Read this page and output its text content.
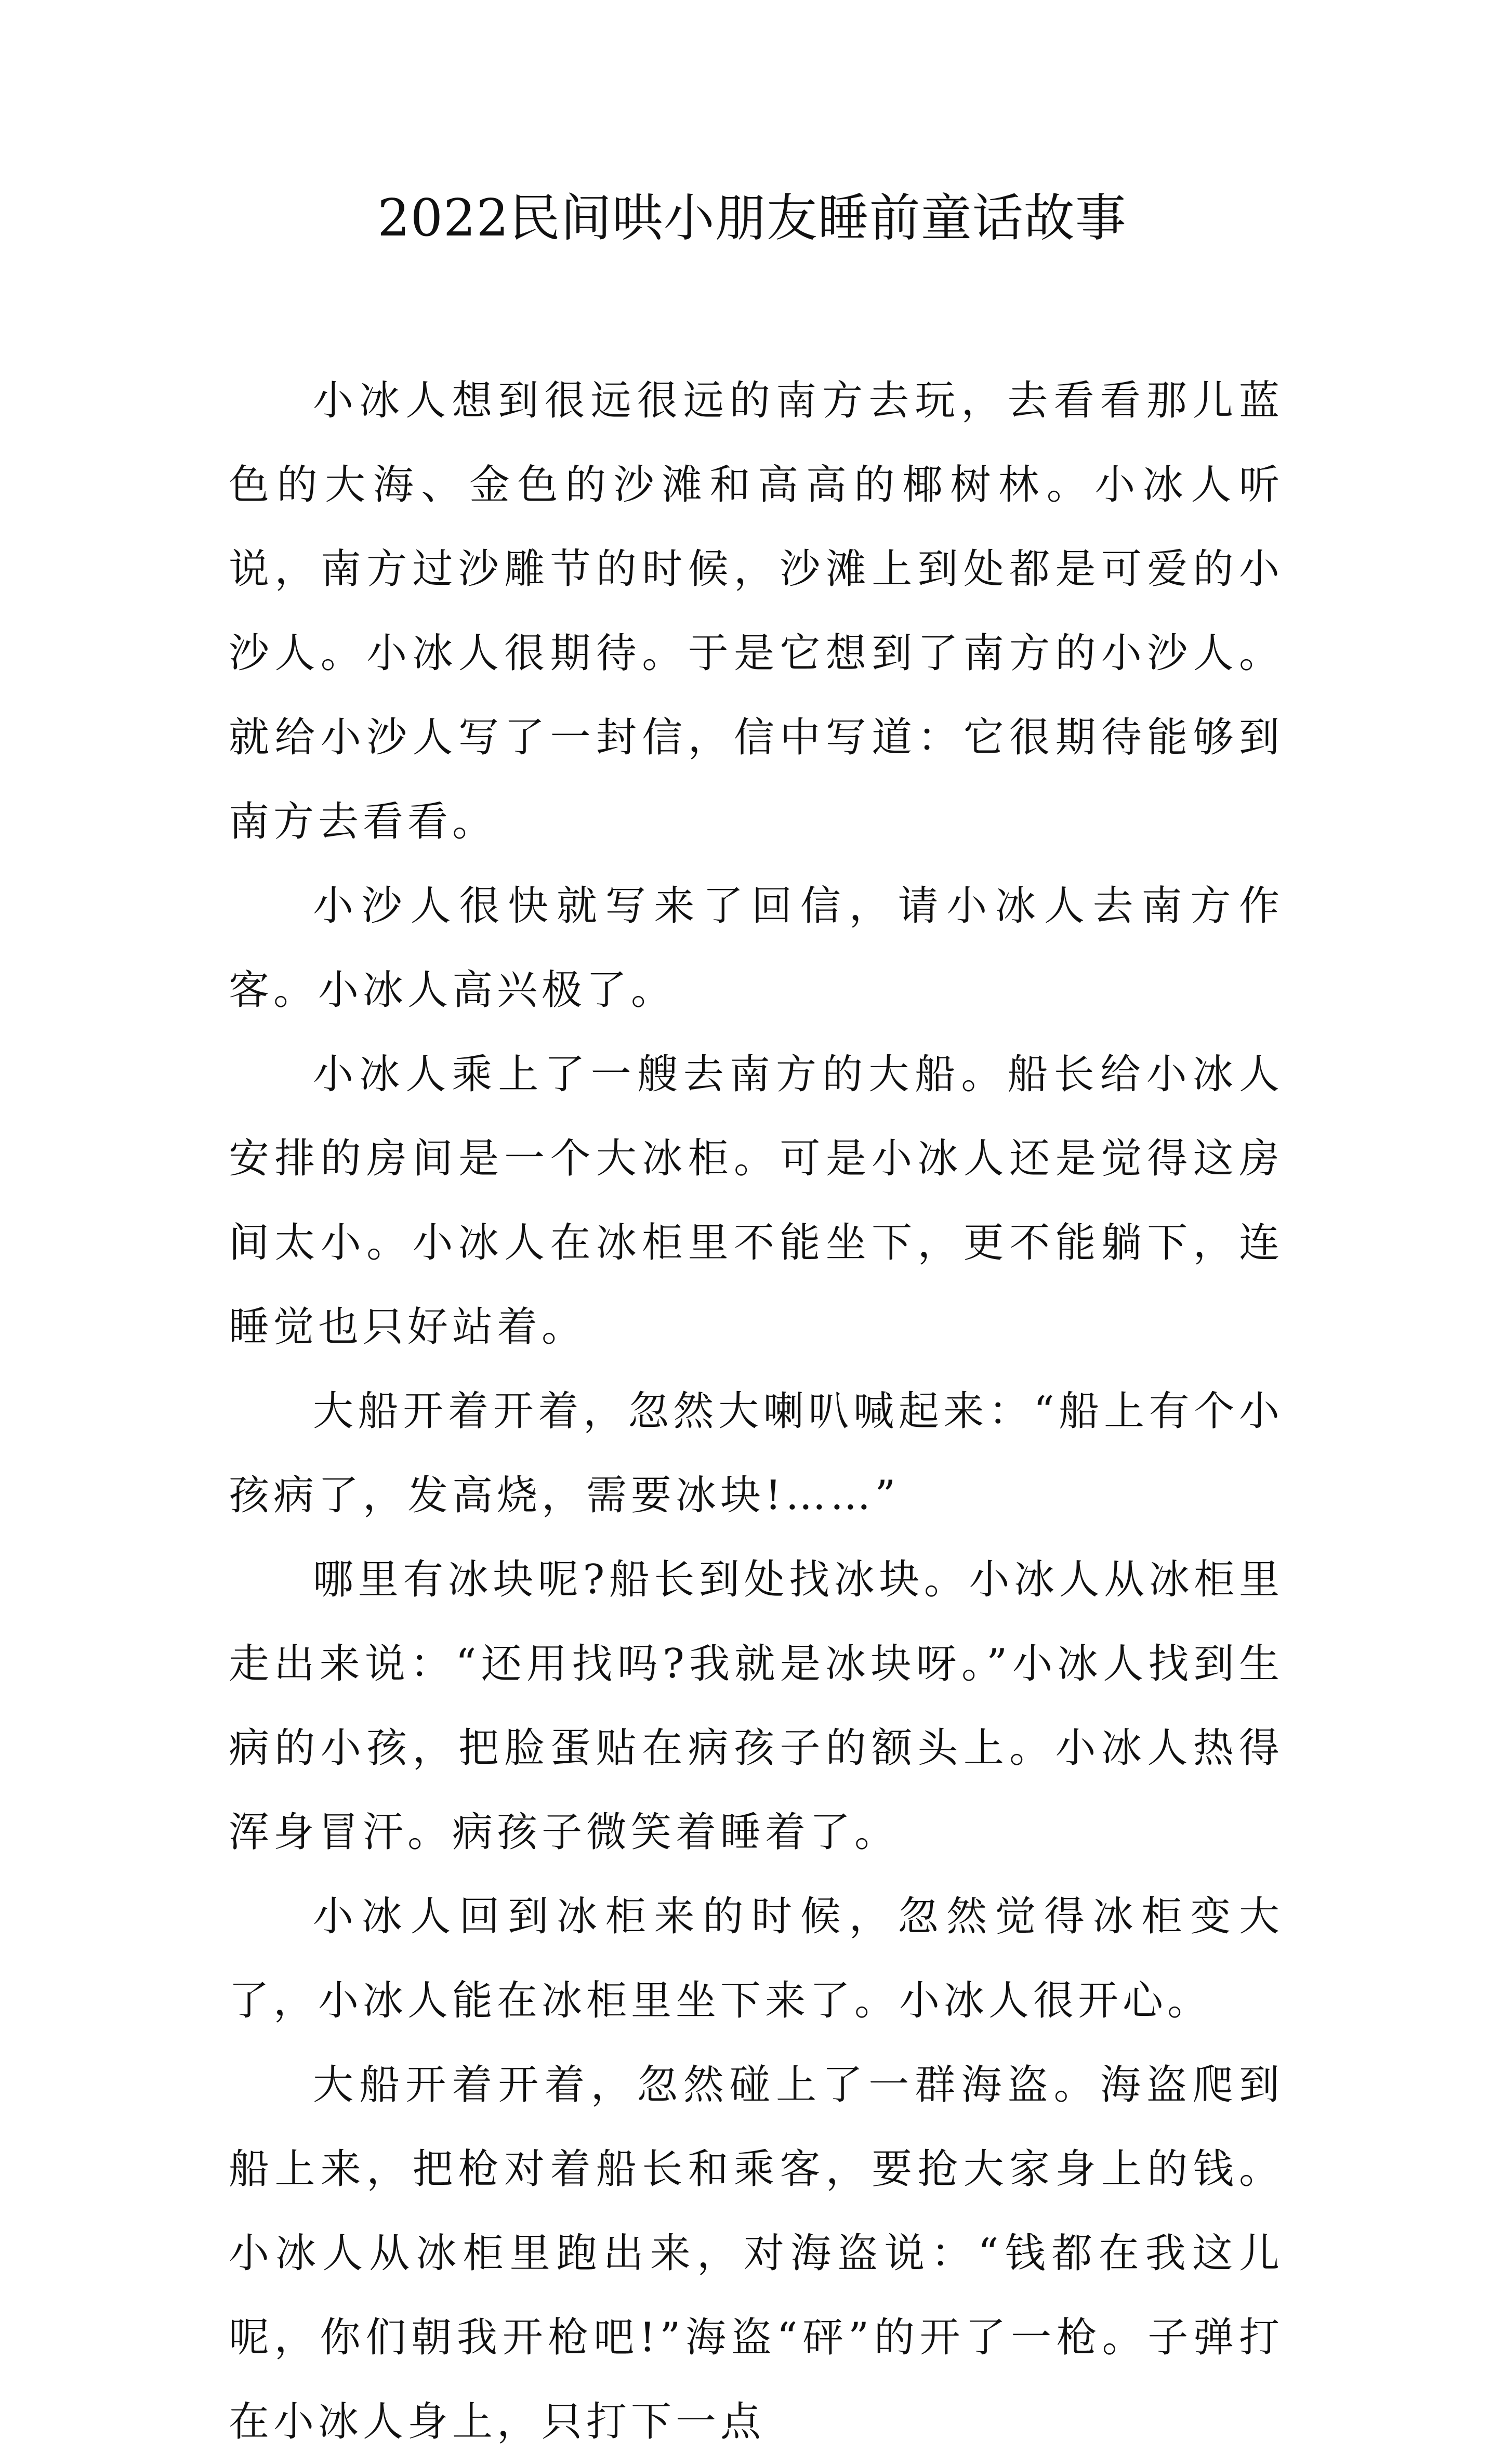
2022民间哄小朋友睡前童话故事

小冰人想到很远很远的南方去玩，去看看那儿蓝色的大海、金色的沙滩和高高的椰树林。小冰人听说，南方过沙雕节的时候，沙滩上到处都是可爱的小沙人。小冰人很期待。于是它想到了南方的小沙人。就给小沙人写了一封信，信中写道：它很期待能够到南方去看看。

小沙人很快就写来了回信，请小冰人去南方作客。小冰人高兴极了。

小冰人乘上了一艘去南方的大船。船长给小冰人安排的房间是一个大冰柜。可是小冰人还是觉得这房间太小。小冰人在冰柜里不能坐下，更不能躺下，连睡觉也只好站着。

大船开着开着，忽然大喇叭喊起来：“船上有个小孩病了，发高烧，需要冰块!……”

哪里有冰块呢?船长到处找冰块。小冰人从冰柜里走出来说：“还用找吗?我就是冰块呀。”小冰人找到生病的小孩，把脸蛋贴在病孩子的额头上。小冰人热得浑身冒汗。病孩子微笑着睡着了。

小冰人回到冰柜来的时候，忽然觉得冰柜变大了，小冰人能在冰柜里坐下来了。小冰人很开心。

大船开着开着，忽然碰上了一群海盗。海盗爬到船上来，把枪对着船长和乘客，要抢大家身上的钱。小冰人从冰柜里跑出来，对海盗说：“钱都在我这儿呢，你们朝我开枪吧!”海盗“砰”的开了一枪。子弹打在小冰人身上，只打下一点
